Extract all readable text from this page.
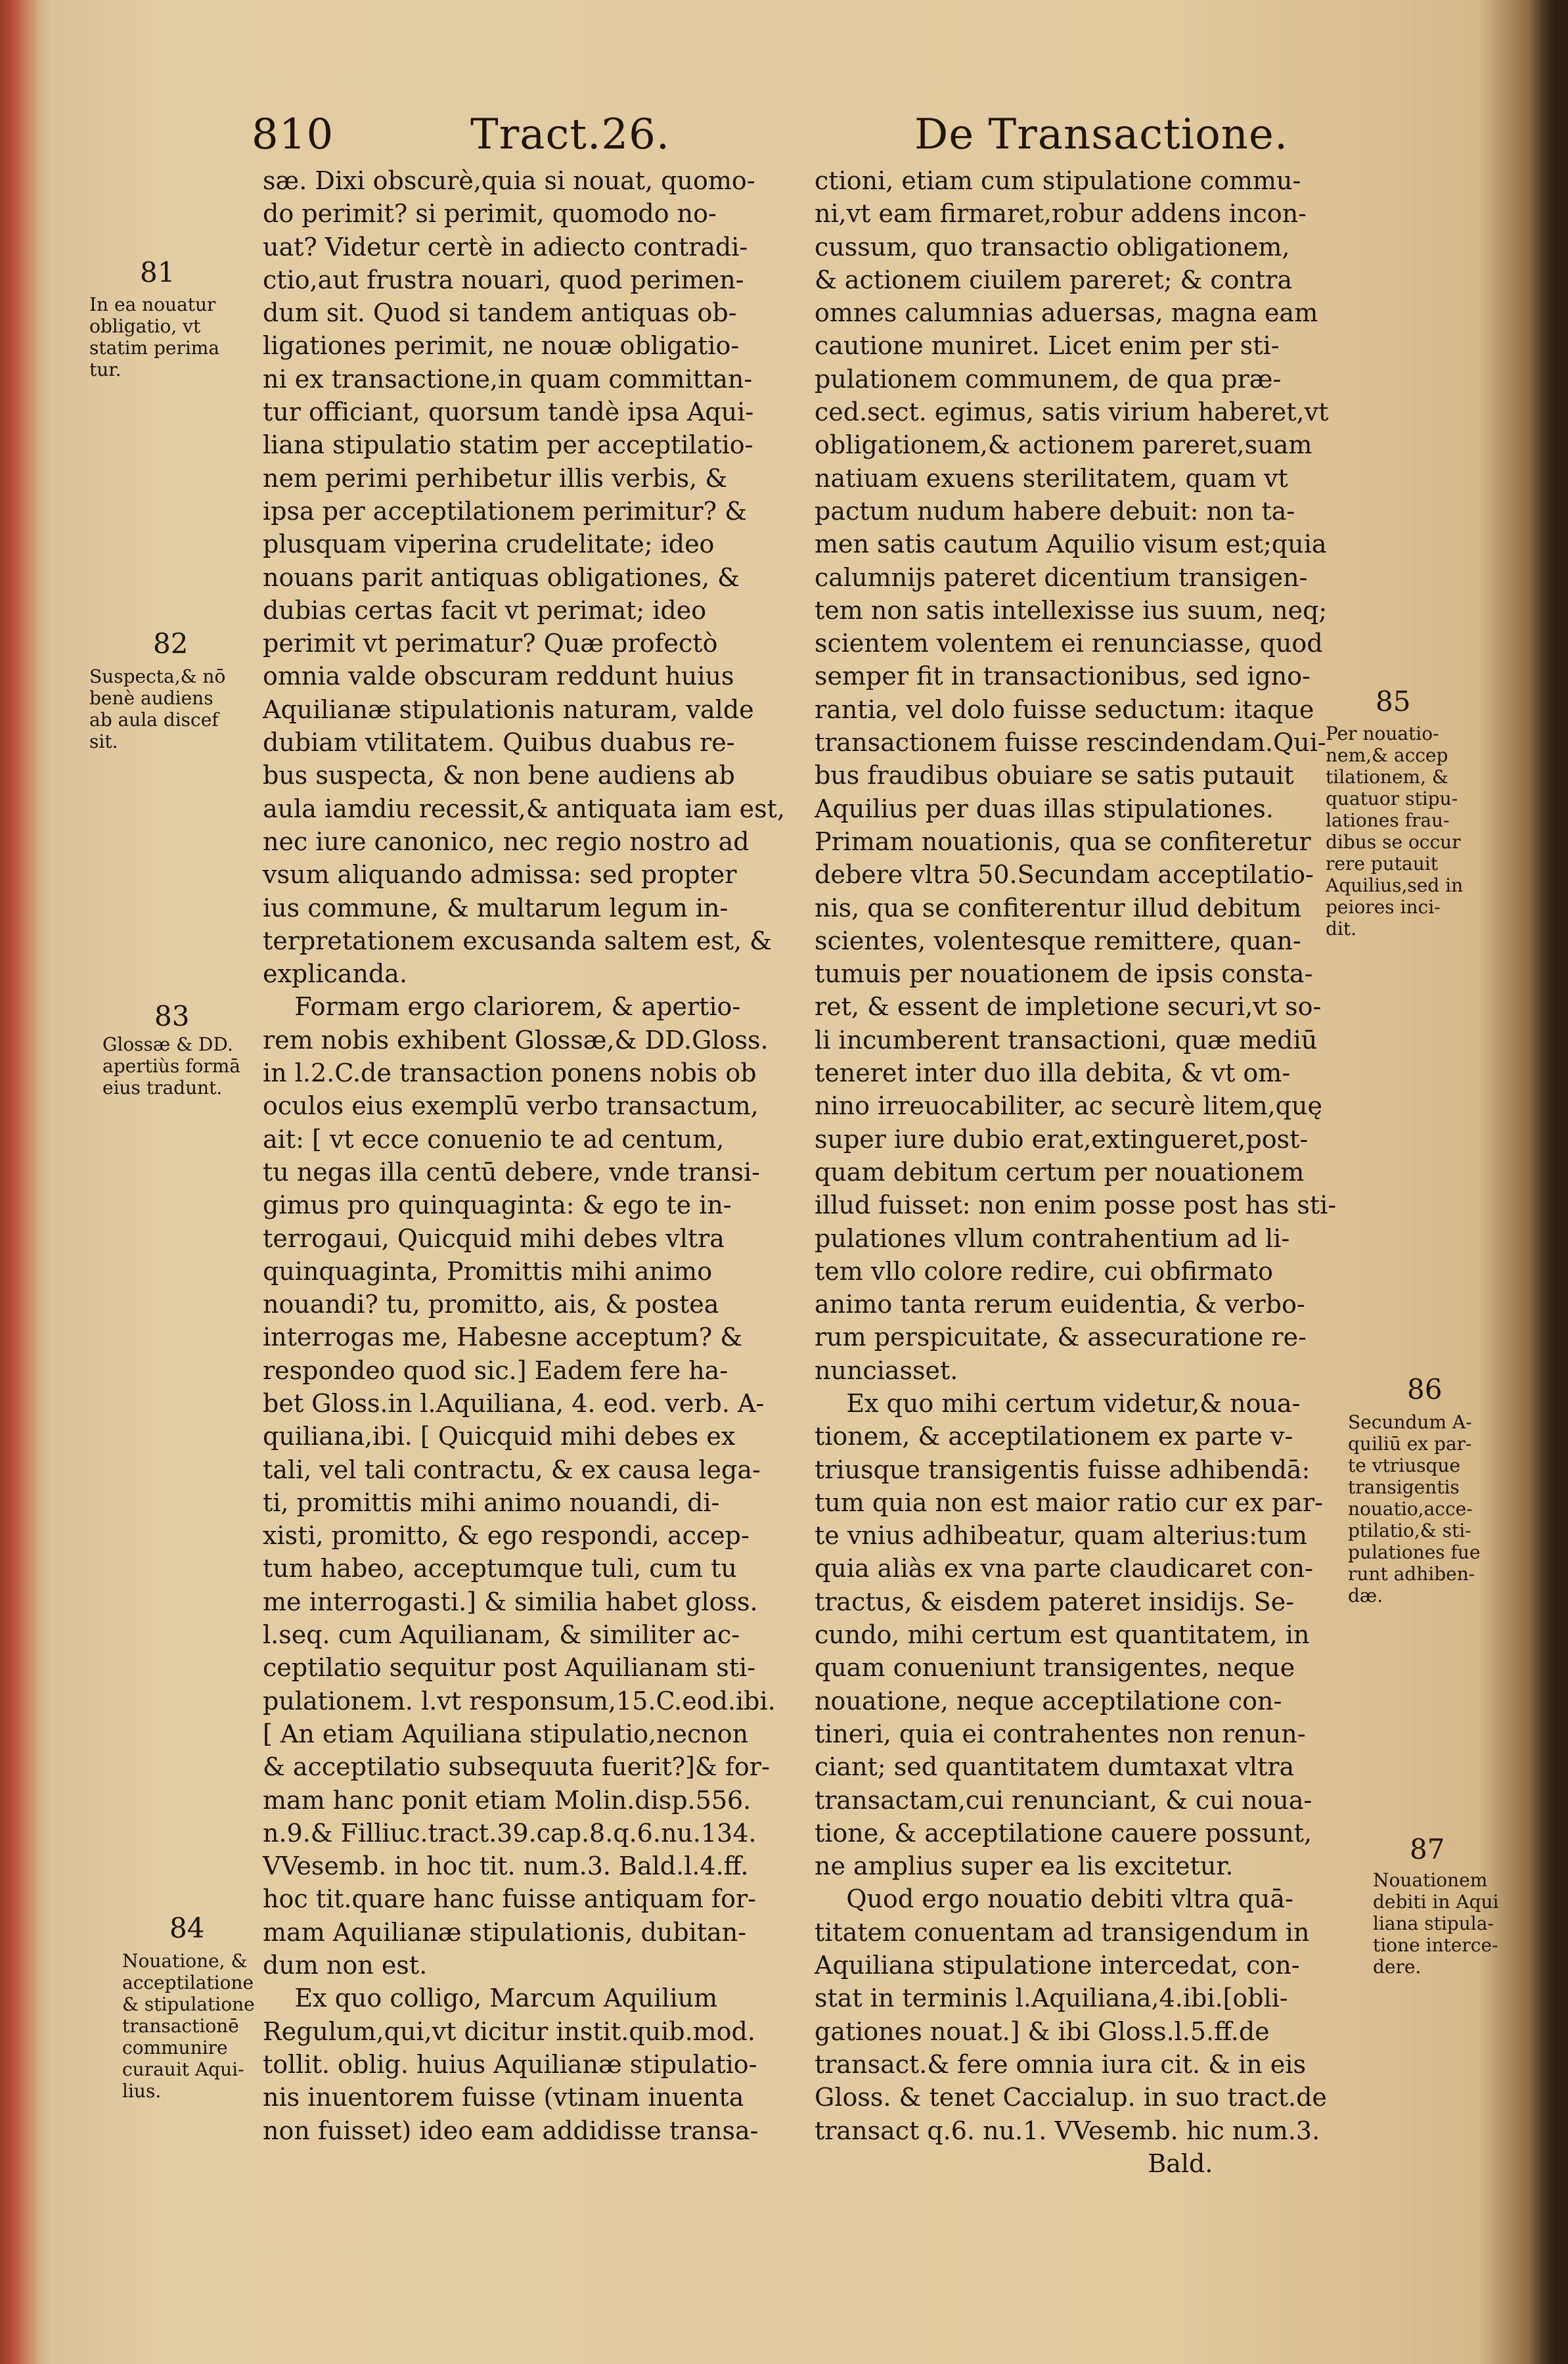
810	Tract.26.	De Transactione.
sæ. Dixi obscurè,quia si nouat, quomo-
do perimit? si perimit, quomodo no-
uat? Videtur certè in adiecto contradi-
ctio,aut frustra nouari, quod perimen-
dum sit. Quod si tandem antiquas ob-
ligationes perimit, ne nouæ obligatio-
ni ex transactione,in quam committan-
tur officiant, quorsum tandè ipsa Aqui-
liana stipulatio statim per acceptilatio-
nem perimi perhibetur illis verbis, &
ipsa per acceptilationem perimitur? &
plusquam viperina crudelitate; ideo
nouans parit antiquas obligationes, &
dubias certas facit vt perimat; ideo
perimit vt perimatur? Quæ profectò
omnia valde obscuram reddunt huius
Aquilianæ stipulationis naturam, valde
dubiam vtilitatem. Quibus duabus re-
bus suspecta, & non bene audiens ab
aula iamdiu recessit,& antiquata iam est,
nec iure canonico, nec regio nostro ad
vsum aliquando admissa: sed propter
ius commune, & multarum legum in-
terpretationem excusanda saltem est, &
explicanda.
Formam ergo clariorem, & apertio-
rem nobis exhibent Glossæ,& DD.Gloss.
in l.2.C.de transaction ponens nobis ob
oculos eius exemplū verbo transactum,
ait: [ vt ecce conuenio te ad centum,
tu negas illa centū debere, vnde transi-
gimus pro quinquaginta: & ego te in-
terrogaui, Quicquid mihi debes vltra
quinquaginta, Promittis mihi animo
nouandi? tu, promitto, ais, & postea
interrogas me, Habesne acceptum? &
respondeo quod sic.] Eadem fere ha-
bet Gloss.in l.Aquiliana, 4. eod. verb. A-
quiliana,ibi. [ Quicquid mihi debes ex
tali, vel tali contractu, & ex causa lega-
ti, promittis mihi animo nouandi, di-
xisti, promitto, & ego respondi, accep-
tum habeo, acceptumque tuli, cum tu
me interrogasti.] & similia habet gloss.
l.seq. cum Aquilianam, & similiter ac-
ceptilatio sequitur post Aquilianam sti-
pulationem. l.vt responsum,15.C.eod.ibi.
[ An etiam Aquiliana stipulatio,necnon
& acceptilatio subsequuta fuerit?]& for-
mam hanc ponit etiam Molin.disp.556.
n.9.& Filliuc.tract.39.cap.8.q.6.nu.134.
VVesemb. in hoc tit. num.3. Bald.l.4.ff.
hoc tit.quare hanc fuisse antiquam for-
mam Aquilianæ stipulationis, dubitan-
dum non est.
Ex quo colligo, Marcum Aquilium
Regulum,qui,vt dicitur instit.quib.mod.
tollit. oblig. huius Aquilianæ stipulatio-
nis inuentorem fuisse (vtinam inuenta
non fuisset) ideo eam addidisse transa-
ctioni, etiam cum stipulatione commu-
ni,vt eam firmaret,robur addens incon-
cussum, quo transactio obligationem,
& actionem ciuilem pareret; & contra
omnes calumnias aduersas, magna eam
cautione muniret. Licet enim per sti-
pulationem communem, de qua præ-
ced.sect. egimus, satis virium haberet,vt
obligationem,& actionem pareret,suam
natiuam exuens sterilitatem, quam vt
pactum nudum habere debuit: non ta-
men satis cautum Aquilio visum est;quia
calumnijs pateret dicentium transigen-
tem non satis intellexisse ius suum, neq;
scientem volentem ei renunciasse, quod
semper fit in transactionibus, sed igno-
rantia, vel dolo fuisse seductum: itaque
transactionem fuisse rescindendam.Qui-
bus fraudibus obuiare se satis putauit
Aquilius per duas illas stipulationes.
Primam nouationis, qua se confiteretur
debere vltra 50.Secundam acceptilatio-
nis, qua se confiterentur illud debitum
scientes, volentesque remittere, quan-
tumuis per nouationem de ipsis consta-
ret, & essent de impletione securi,vt so-
li incumberent transactioni, quæ mediū
teneret inter duo illa debita, & vt om-
nino irreuocabiliter, ac securè litem,quę
super iure dubio erat,extingueret,post-
quam debitum certum per nouationem
illud fuisset: non enim posse post has sti-
pulationes vllum contrahentium ad li-
tem vllo colore redire, cui obfirmato
animo tanta rerum euidentia, & verbo-
rum perspicuitate, & assecuratione re-
nunciasset.
Ex quo mihi certum videtur,& noua-
tionem, & acceptilationem ex parte v-
triusque transigentis fuisse adhibendā:
tum quia non est maior ratio cur ex par-
te vnius adhibeatur, quam alterius:tum
quia aliàs ex vna parte claudicaret con-
tractus, & eisdem pateret insidijs. Se-
cundo, mihi certum est quantitatem, in
quam conueniunt transigentes, neque
nouatione, neque acceptilatione con-
tineri, quia ei contrahentes non renun-
ciant; sed quantitatem dumtaxat vltra
transactam,cui renunciant, & cui noua-
tione, & acceptilatione cauere possunt,
ne amplius super ea lis excitetur.
Quod ergo nouatio debiti vltra quā-
titatem conuentam ad transigendum in
Aquiliana stipulatione intercedat, con-
stat in terminis l.Aquiliana,4.ibi.[obli-
gationes nouat.] & ibi Gloss.l.5.ff.de
transact.& fere omnia iura cit. & in eis
Gloss. & tenet Caccialup. in suo tract.de
transact q.6. nu.1. VVesemb. hic num.3.
Bald.
81
In ea nouatur
obligatio, vt
statim perima
tur.
82
Suspecta,& nō
benè audiens
ab aula discef
sit.
83
Glossæ & DD.
apertiùs formā
eius tradunt.
84
Nouatione, &
acceptilatione
& stipulatione
transactionē
communire
curauit Aqui-
lius.
85
Per nouatio-
nem,& accep
tilationem, &
quatuor stipu-
lationes frau-
dibus se occur
rere putauit
Aquilius,sed in
peiores inci-
dit.
86
Secundum A-
quiliū ex par-
te vtriusque
transigentis
nouatio,acce-
ptilatio,& sti-
pulationes fue
runt adhiben-
dæ.
87
Nouationem
debiti in Aqui
liana stipula-
tione interce-
dere.
